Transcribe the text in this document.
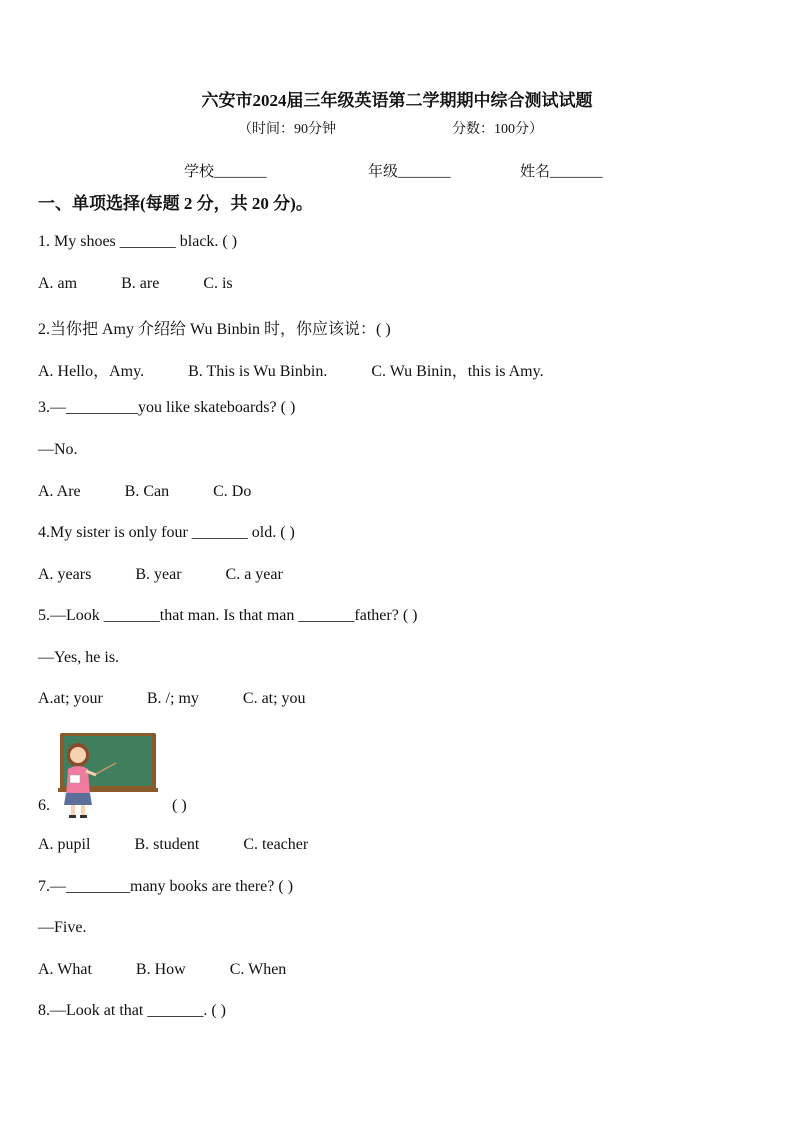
六安市2024届三年级英语第二学期期中综合测试试题
（时间：90分钟	分数：100分）
学校_______	年级_______	姓名_______
一、单项选择(每题 2 分，共 20 分)。
1. My shoes _______ black. ( )
A. am	B. are	C. is
2.当你把 Amy 介绍给 Wu Binbin 时，你应该说：( )
A. Hello，Amy.	B. This is Wu Binbin.	C. Wu Binin，this is Amy.
3.—_________you like skateboards? ( )
—No.
A. Are	B. Can	C. Do
4.My sister is only four _______ old. ( )
A. years	B. year	C. a year
5.—Look _______that man. Is that man _______father? ( )
—Yes, he is.
A.at; your	B. /; my	C. at; you
6.	( )
A. pupil	B. student	C. teacher
7.—________many books are there? ( )
—Five.
A. What	B. How	C. When
8.—Look at that _______. ( )
